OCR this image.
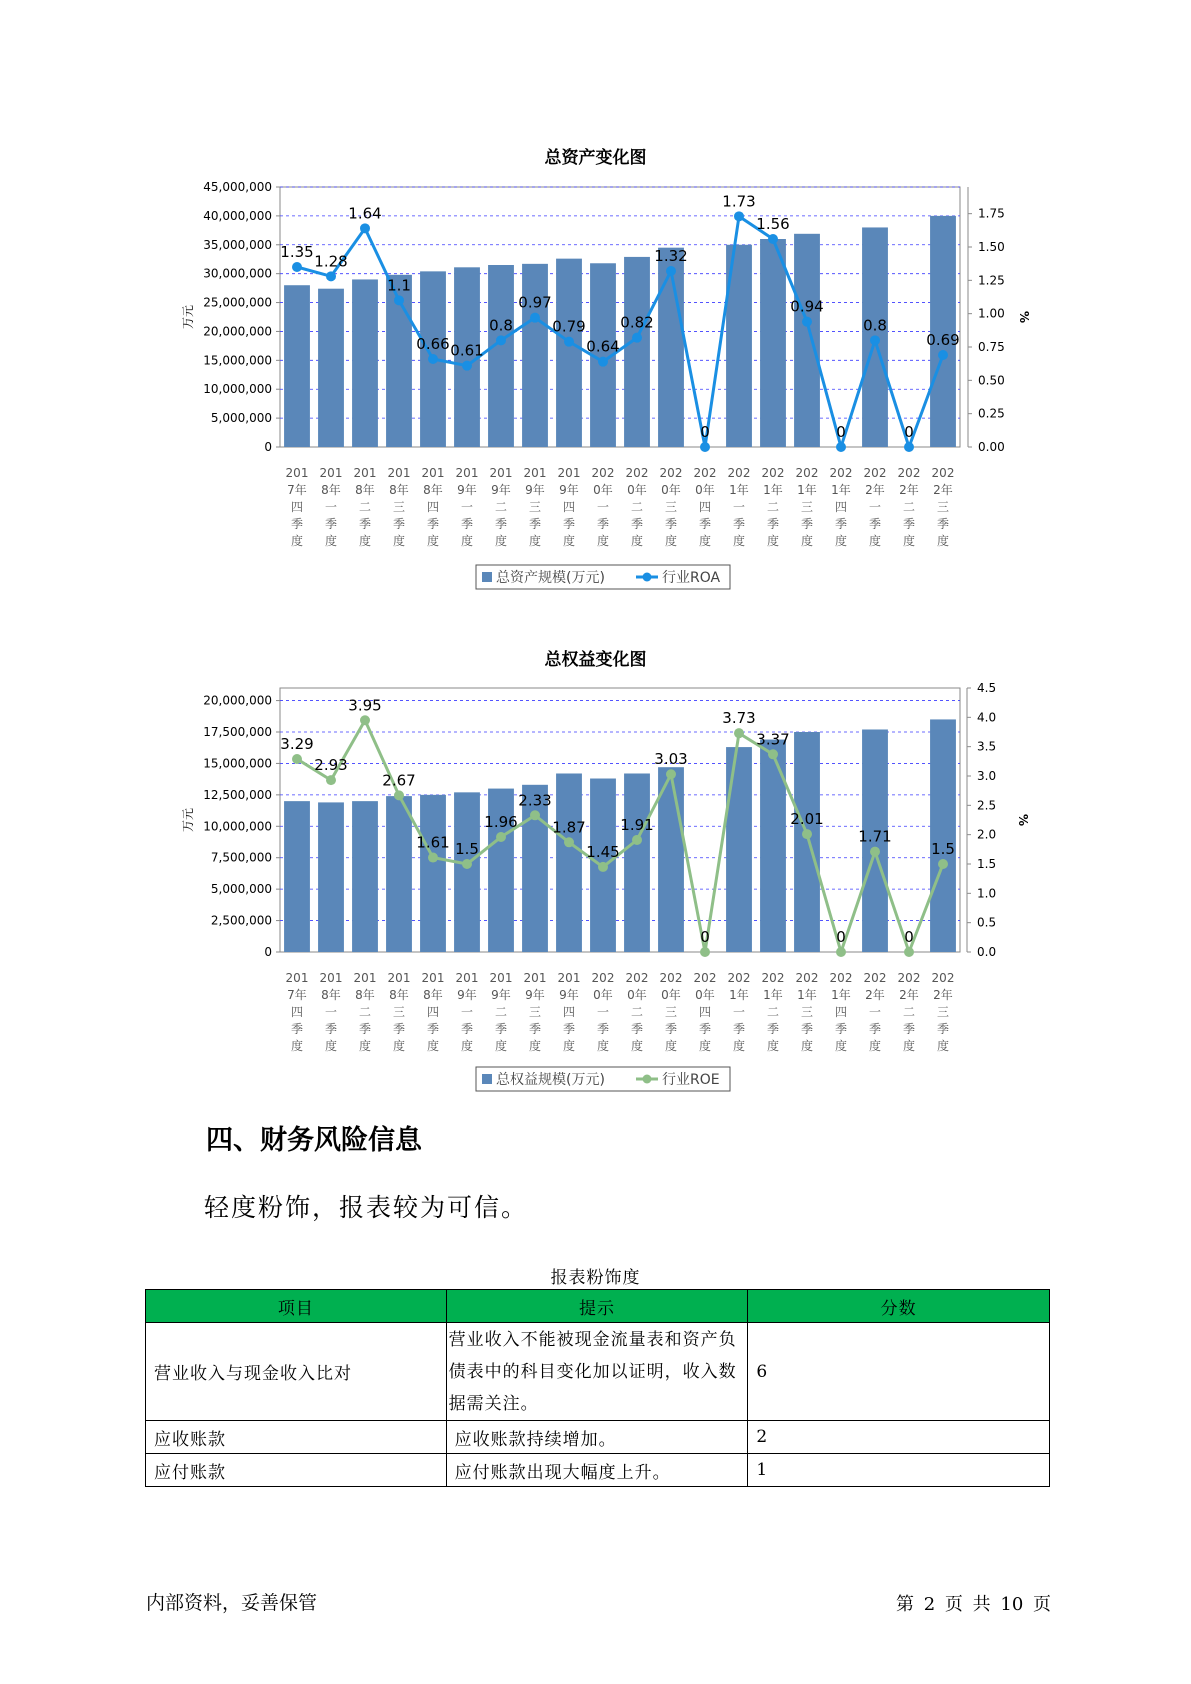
总资产变化图
0
5,000,000
10,000,000
15,000,000
20,000,000
25,000,000
30,000,000
35,000,000
40,000,000
45,000,000
0.00
0.25
0.50
0.75
1.00
1.25
1.50
1.75
万元	%
201 7年四季度
201 8年一季度
201 8年二季度
201 8年三季度
201 8年四季度
201 9年一季度
201 9年二季度
201 9年三季度
201 9年四季度
202 0年一季度
202 0年二季度
202 0年三季度
202 0年四季度
202 1年一季度
202 1年二季度
202 1年三季度
202 1年四季度
202 2年一季度
202 2年二季度
202 2年三季度
1.35
1.28
1.64
1.1
0.66 0.61
0.8
0.97
0.79
0.64
0.82
1.32
0
1.73
1.56
0.94
0
0.8
0
0.69
总资产规模(万元)	行业ROA
总权益变化图
0
2,500,000
5,000,000
7,500,000
10,000,000
12,500,000
15,000,000
17,500,000
20,000,000
0.0
0.5
1.0
1.5
2.0
2.5
3.0
3.5
4.0
4.5
万元	%
201 7年四季度
201 8年一季度
201 8年二季度
201 8年三季度
201 8年四季度
201 9年一季度
201 9年二季度
201 9年三季度
201 9年四季度
202 0年一季度
202 0年二季度
202 0年三季度
202 0年四季度
202 1年一季度
202 1年二季度
202 1年三季度
202 1年四季度
202 2年一季度
202 2年二季度
202 2年三季度
3.29
2.93
3.95
2.67
1.61 1.5
1.96
2.33
1.87
1.45
1.91
3.03
0
3.73
3.37
2.01
0
1.71
0
1.5
总权益规模(万元)	行业ROE
四、财务风险信息
轻度粉饰，报表较为可信。
报表粉饰度
项目	提示	分数
营业收入与现金收入比对	营业收入不能被现金流量表和资产负债表中的科目变化加以证明，收入数据需关注。	6
应收账款	应收账款持续增加。	2
应付账款	应付账款出现大幅度上升。	1
内部资料，妥善保管	第 2 页 共 10 页
